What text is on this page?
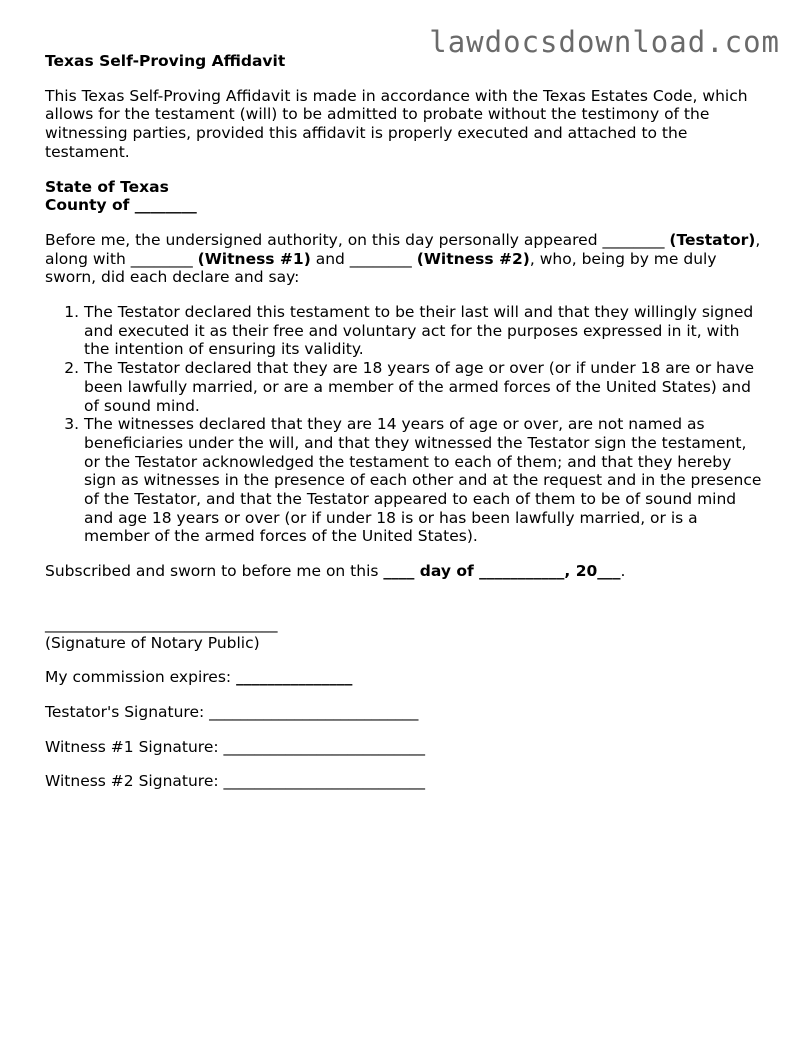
lawdocsdownload.com

Texas Self-Proving Affidavit

This Texas Self-Proving Affidavit is made in accordance with the Texas Estates Code, which allows for the testament (will) to be admitted to probate without the testimony of the witnessing parties, provided this affidavit is properly executed and attached to the testament.

State of Texas

County of ________

Before me, the undersigned authority, on this day personally appeared ________ (Testator), along with ________ (Witness #1) and ________ (Witness #2), who, being by me duly sworn, did each declare and say:

1. The Testator declared this testament to be their last will and that they willingly signed and executed it as their free and voluntary act for the purposes expressed in it, with the intention of ensuring its validity.
2. The Testator declared that they are 18 years of age or over (or if under 18 are or have been lawfully married, or are a member of the armed forces of the United States) and of sound mind.
3. The witnesses declared that they are 14 years of age or over, are not named as beneficiaries under the will, and that they witnessed the Testator sign the testament, or the Testator acknowledged the testament to each of them; and that they hereby sign as witnesses in the presence of each other and at the request and in the presence of the Testator, and that the Testator appeared to each of them to be of sound mind and age 18 years or over (or if under 18 is or has been lawfully married, or is a member of the armed forces of the United States).

Subscribed and sworn to before me on this ____ day of ___________, 20___.

______________________________

(Signature of Notary Public)

My commission expires: _______________

Testator's Signature: ___________________________

Witness #1 Signature: __________________________

Witness #2 Signature: __________________________
